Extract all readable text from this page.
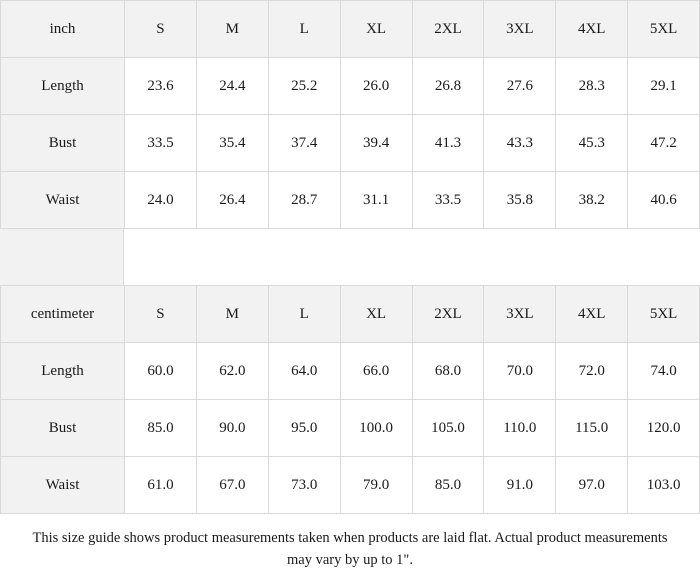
inch	S	M	L	XL	2XL	3XL	4XL	5XL
Length	23.6	24.4	25.2	26.0	26.8	27.6	28.3	29.1
Bust	33.5	35.4	37.4	39.4	41.3	43.3	45.3	47.2
Waist	24.0	26.4	28.7	31.1	33.5	35.8	38.2	40.6
centimeter	S	M	L	XL	2XL	3XL	4XL	5XL
Length	60.0	62.0	64.0	66.0	68.0	70.0	72.0	74.0
Bust	85.0	90.0	95.0	100.0	105.0	110.0	115.0	120.0
Waist	61.0	67.0	73.0	79.0	85.0	91.0	97.0	103.0
This size guide shows product measurements taken when products are laid flat. Actual product measurements may vary by up to 1".
